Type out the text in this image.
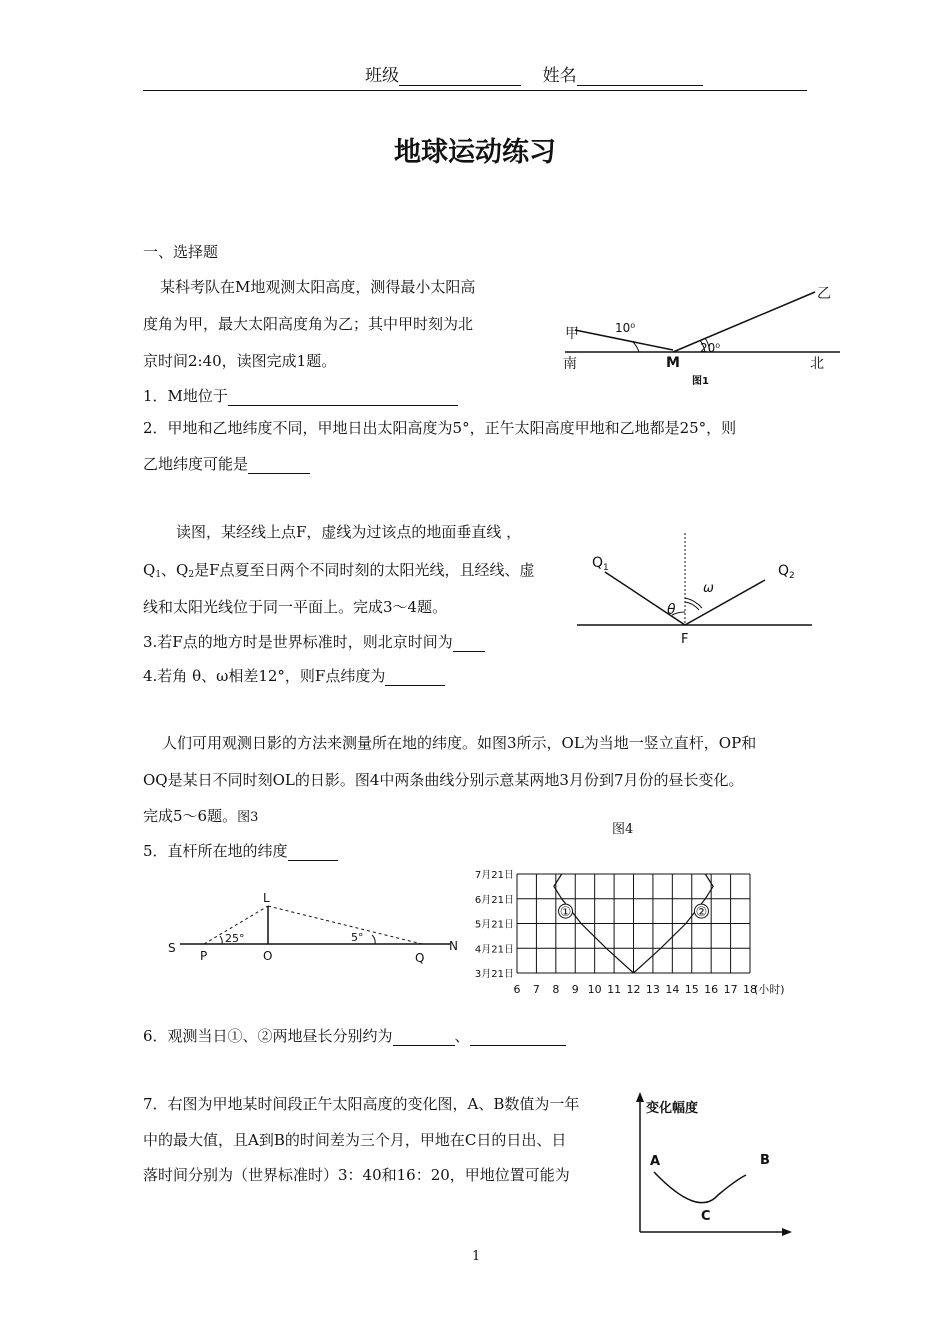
班级	姓名
地球运动练习
一、选择题
某科考队在M地观测太阳高度，测得最小太阳高
度角为甲，最大太阳高度角为乙；其中甲时刻为北
京时间2:40，读图完成1题。
甲
乙
10⁰
20⁰
南	北
M
图1
1．M地位于
2．甲地和乙地纬度不同，甲地日出太阳高度为5°，正午太阳高度甲地和乙地都是25°，则
乙地纬度可能是
读图，某经线上点F，虚线为过该点的地面垂直线 ，
$Q_1$、$Q_2$是F点夏至日两个不同时刻的太阳光线，且经线、虚
线和太阳光线位于同一平面上。完成3～4题。
$Q_1$	$Q_2$
θ
ω
F
3.若F点的地方时是世界标准时，则北京时间为
4.若角 θ、ω相差12°，则F点纬度为
人们可用观测日影的方法来测量所在地的纬度。如图3所示，OL为当地一竖立直杆，OP和
OQ是某日不同时刻OL的日影。图4中两条曲线分别示意某两地3月份到7月份的昼长变化。
完成5～6题。图3
图4
5．直杆所在地的纬度
S
P	O	Q
N
L
25°	5°
3月21日
4月21日
5月21日
6月21日
7月21日
6 7 8 9 10 11 12 13 14 15 16 17 18
(小时)
①	②
6．观测当日①、②两地昼长分别约为	、
7．右图为甲地某时间段正午太阳高度的变化图，A、B数值为一年
中的最大值，且A到B的时间差为三个月，甲地在C日的日出、日
落时间分别为（世界标准时）3：40和16：20，甲地位置可能为
变化幅度
A	B
C
1
